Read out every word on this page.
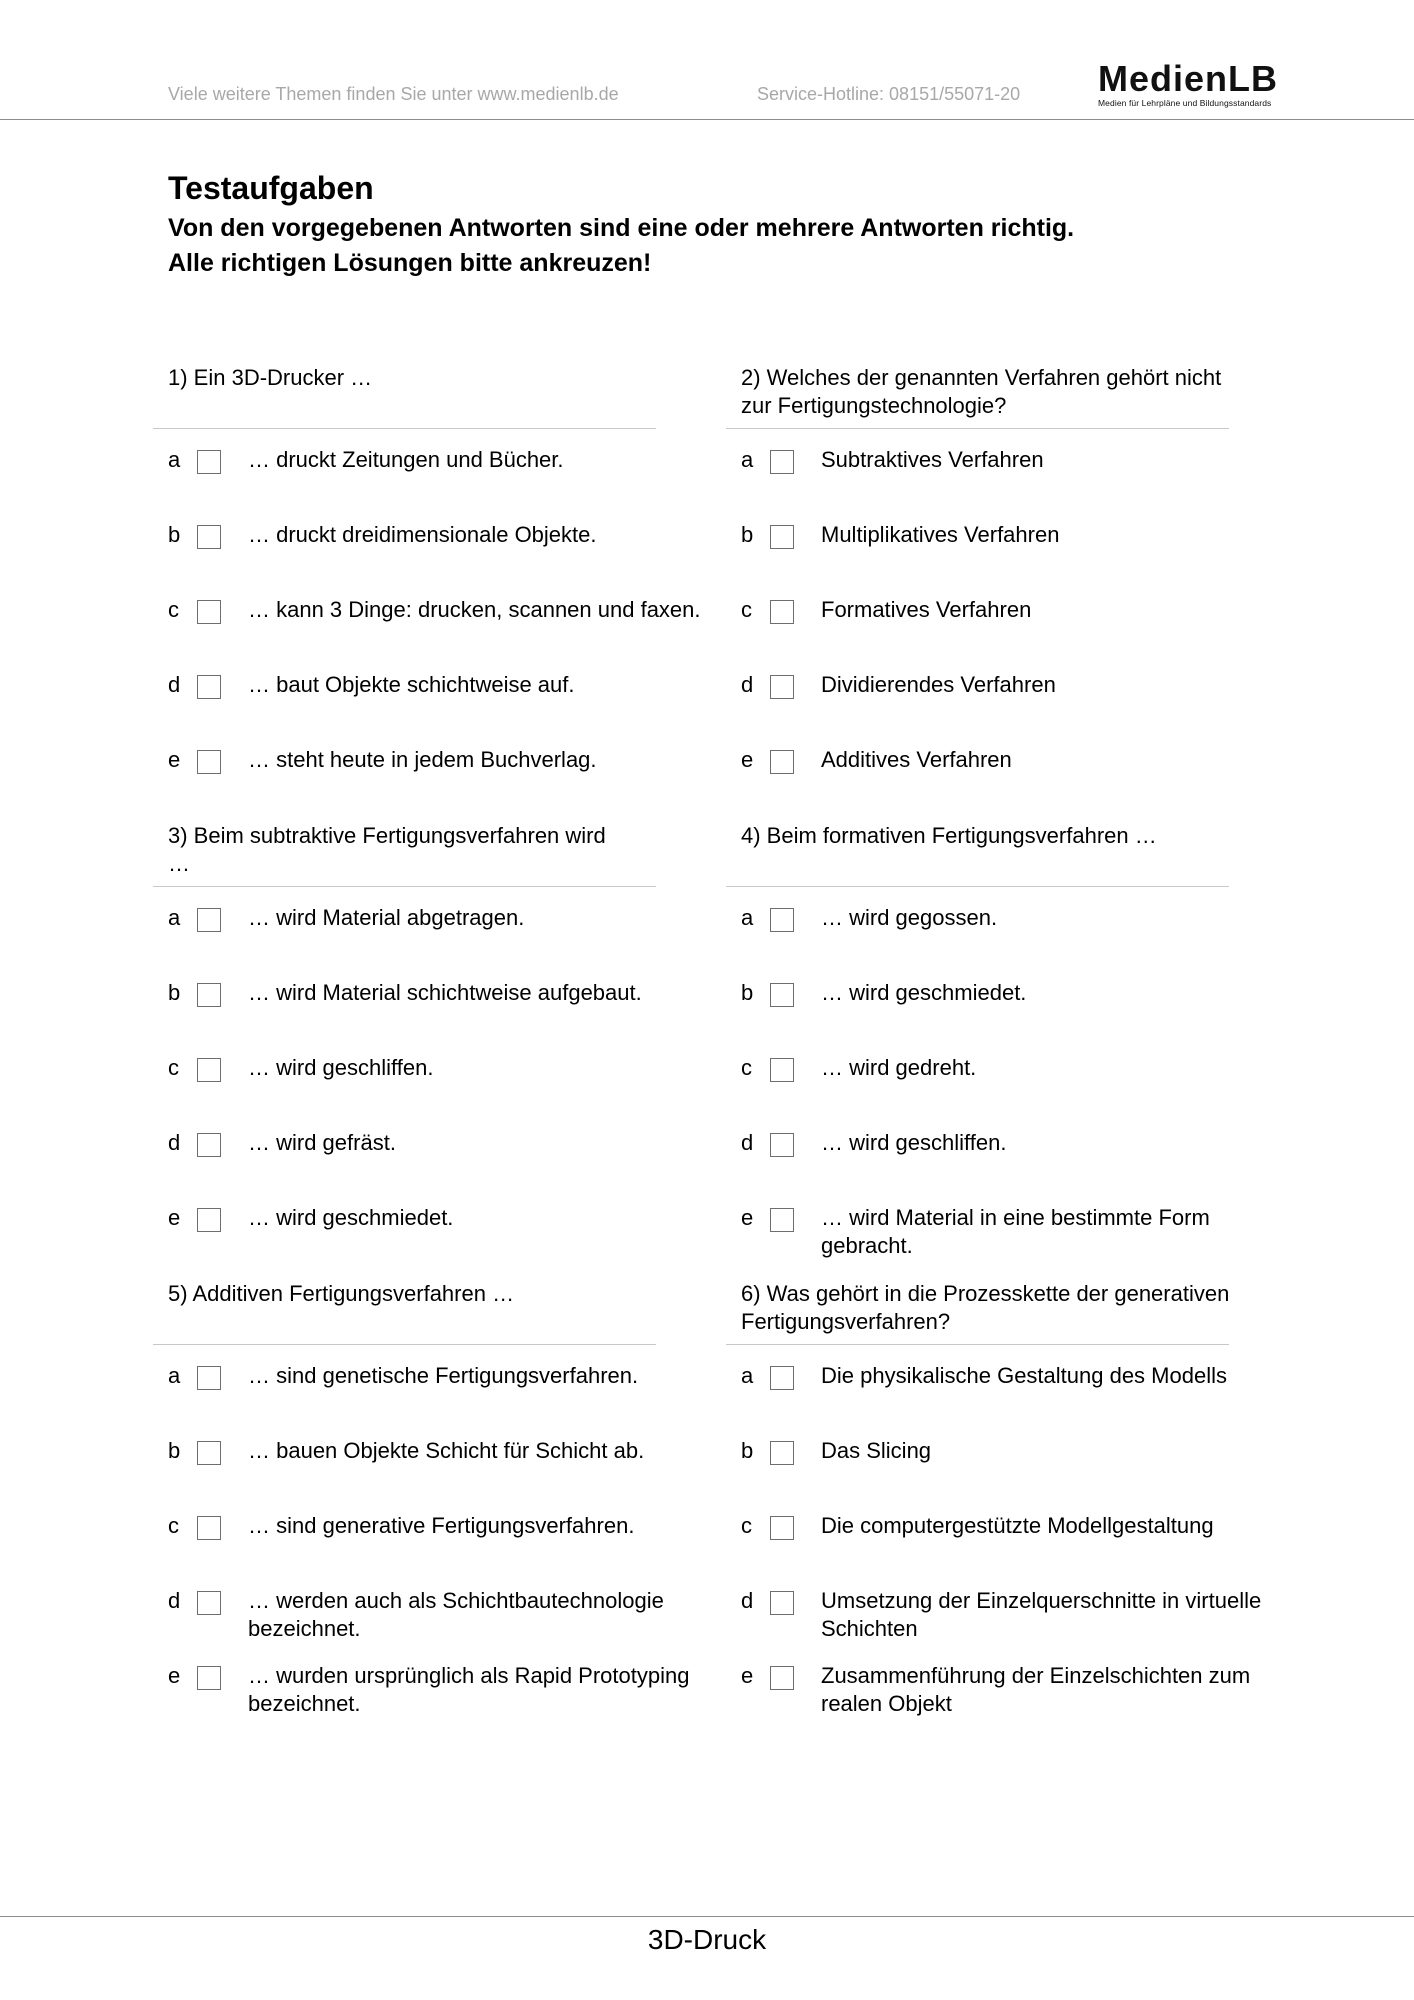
Viele weitere Themen finden Sie unter www.medienlb.de	Service-Hotline: 08151/55071-20 MedienLB
Medien für Lehrpläne und Bildungsstandards
Testaufgaben
Von den vorgegebenen Antworten sind eine oder mehrere Antworten richtig.
Alle richtigen Lösungen bitte ankreuzen!
1) Ein 3D-Drucker …
a	… druckt Zeitungen und Bücher.
b	… druckt dreidimensionale Objekte.
c	… kann 3 Dinge: drucken, scannen und faxen.
d	… baut Objekte schichtweise auf.
e	… steht heute in jedem Buchverlag.
2) Welches der genannten Verfahren gehört nicht zur Fertigungstechnologie?
a	Subtraktives Verfahren
b	Multiplikatives Verfahren
c	Formatives Verfahren
d	Dividierendes Verfahren
e	Additives Verfahren
3) Beim subtraktive Fertigungsverfahren wird …
a	… wird Material abgetragen.
b	… wird Material schichtweise aufgebaut.
c	… wird geschliffen.
d	… wird gefräst.
e	… wird geschmiedet.
4) Beim formativen Fertigungsverfahren …
a	… wird gegossen.
b	… wird geschmiedet.
c	… wird gedreht.
d	… wird geschliffen.
e	… wird Material in eine bestimmte Form gebracht.
5) Additiven Fertigungsverfahren …
a	… sind genetische Fertigungsverfahren.
b	… bauen Objekte Schicht für Schicht ab.
c	… sind generative Fertigungsverfahren.
d	… werden auch als Schichtbautechnologie bezeichnet.
e	… wurden ursprünglich als Rapid Prototyping bezeichnet.
6) Was gehört in die Prozesskette der generativen Fertigungsverfahren?
a	Die physikalische Gestaltung des Modells
b	Das Slicing
c	Die computergestützte Modellgestaltung
d	Umsetzung der Einzelquerschnitte in virtuelle Schichten
e	Zusammenführung der Einzelschichten zum realen Objekt
3D-Druck
